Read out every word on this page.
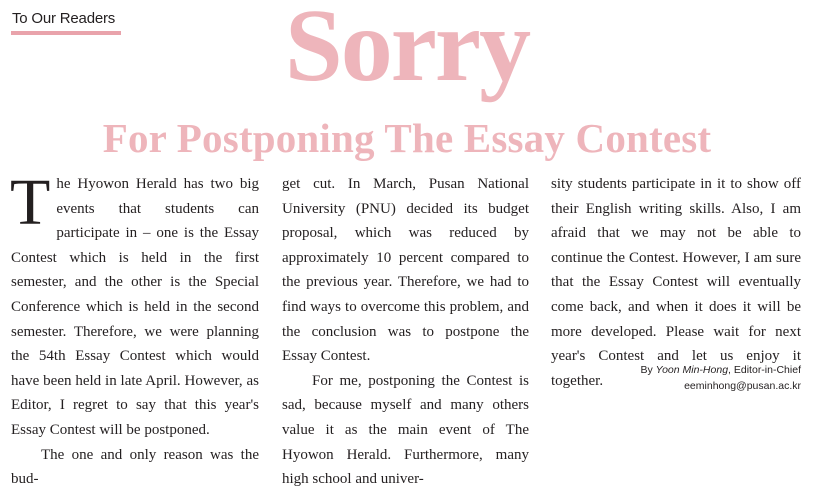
To Our Readers	Sorry
For Postponing The Essay Contest

The Hyowon Herald has two big events that students can participate in – one is the Essay Contest which is held in the first semester, and the other is the Special Conference which is held in the second semester. Therefore, we were planning the 54th Essay Contest which would have been held in late April. However, as Editor, I regret to say that this year's Essay Contest will be postponed.

The one and only reason was the bud-

get cut. In March, Pusan National University (PNU) decided its budget proposal, which was reduced by approximately 10 percent compared to the previous year. Therefore, we had to find ways to overcome this problem, and the conclusion was to postpone the Essay Contest.

For me, postponing the Contest is sad, because myself and many others value it as the main event of The Hyowon Herald. Furthermore, many high school and univer-

sity students participate in it to show off their English writing skills. Also, I am afraid that we may not be able to continue the Contest. However, I am sure that the Essay Contest will eventually come back, and when it does it will be more developed. Please wait for next year's Contest and let us enjoy it together.

By Yoon Min-Hong, Editor-in-Chief
eeminhong@pusan.ac.kr
